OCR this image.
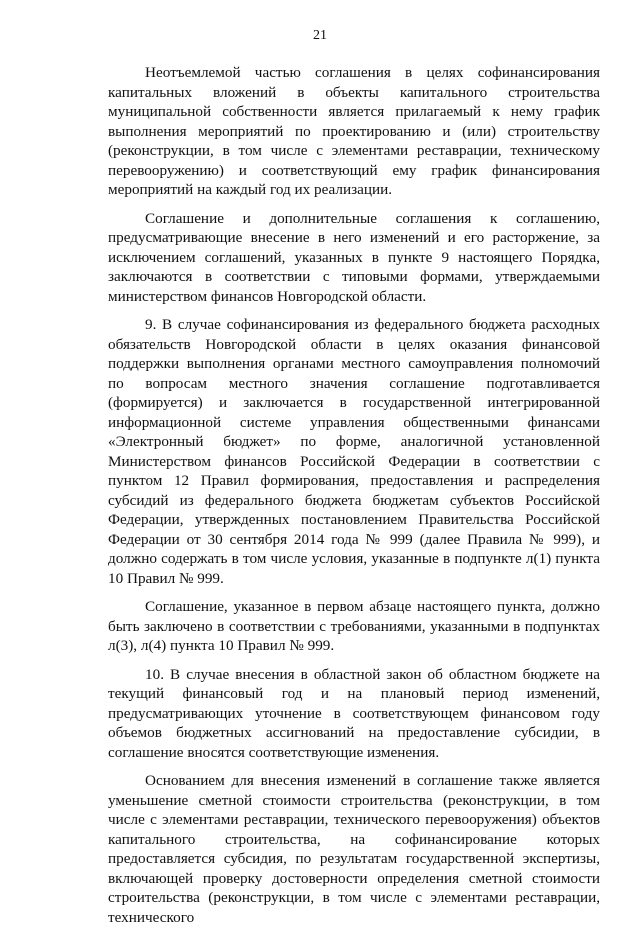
21

Неотъемлемой частью соглашения в целях софинансирования капитальных вложений в объекты капитального строительства муниципальной собственности является прилагаемый к нему график выполнения мероприятий по проектированию и (или) строительству (реконструкции, в том числе с элементами реставрации, техническому перевооружению) и соответствующий ему график финансирования мероприятий на каждый год их реализации.

Соглашение и дополнительные соглашения к соглашению, предусматривающие внесение в него изменений и его расторжение, за исключением соглашений, указанных в пункте 9 настоящего Порядка, заключаются в соответствии с типовыми формами, утверждаемыми министерством финансов Новгородской области.

9. В случае софинансирования из федерального бюджета расходных обязательств Новгородской области в целях оказания финансовой поддержки выполнения органами местного самоуправления полномочий по вопросам местного значения соглашение подготавливается (формируется) и заключается в государственной интегрированной информационной системе управления общественными финансами «Электронный бюджет» по форме, аналогичной установленной Министерством финансов Российской Федерации в соответствии с пунктом 12 Правил формирования, предоставления и распределения субсидий из федерального бюджета бюджетам субъектов Российской Федерации, утвержденных постановлением Правительства Российской Федерации от 30 сентября 2014 года № 999 (далее Правила № 999), и должно содержать в том числе условия, указанные в подпункте л(1) пункта 10 Правил № 999.

Соглашение, указанное в первом абзаце настоящего пункта, должно быть заключено в соответствии с требованиями, указанными в подпунктах л(3), л(4) пункта 10 Правил № 999.

10. В случае внесения в областной закон об областном бюджете на текущий финансовый год и на плановый период изменений, предусматривающих уточнение в соответствующем финансовом году объемов бюджетных ассигнований на предоставление субсидии, в соглашение вносятся соответствующие изменения.

Основанием для внесения изменений в соглашение также является уменьшение сметной стоимости строительства (реконструкции, в том числе с элементами реставрации, технического перевооружения) объектов капитального строительства, на софинансирование которых предоставляется субсидия, по результатам государственной экспертизы, включающей проверку достоверности определения сметной стоимости строительства (реконструкции, в том числе с элементами реставрации, технического
